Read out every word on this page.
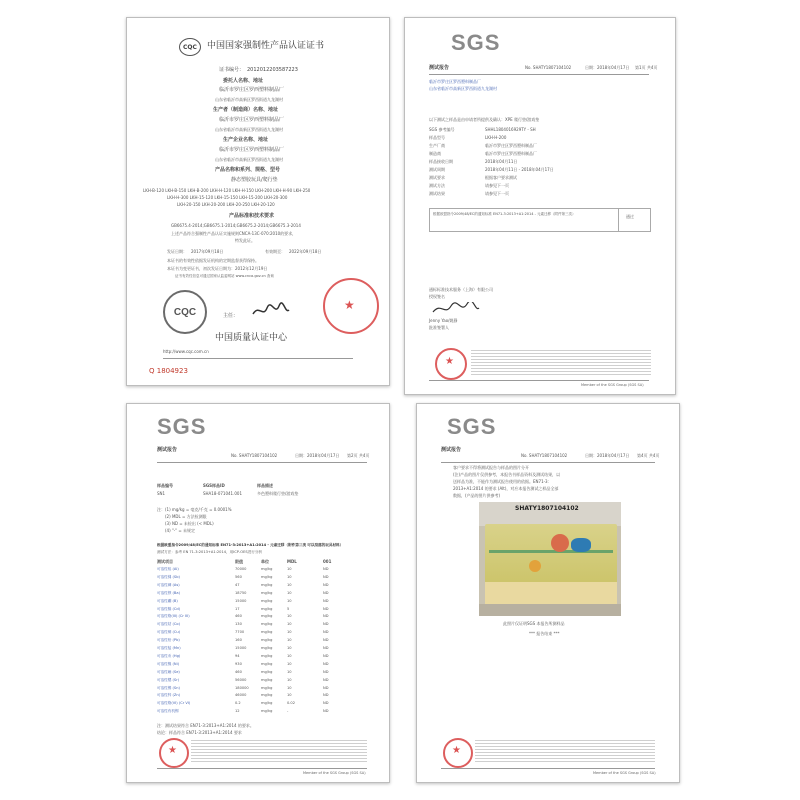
CQC 中国国家强制性产品认证证书
证书编号： 2012012203587223
委托人名称、地址
临沂市罗庄区罗西塑料制品厂
山东省临沂市高新区罗西街道九龙湖村
生产者（制造商）名称、地址
临沂市罗庄区罗西塑料制品厂
山东省临沂市高新区罗西街道九龙湖村
生产企业名称、地址
临沂市罗庄区罗西塑料制品厂
山东省临沂市高新区罗西街道九龙湖村
产品名称和系列、规格、型号
静态塑胶玩具/爬行垫
LKH-B-120 LKH-B-150 LKH-B-200 LKH-H-120 LKH-H-150 LKH-200 LKH-H-90 LKH-250
LKH-H-300 LKH-15-120 LKH-15-150 LKH-15-200 LKH-20-300
LKH-20-150 LKH-20-200 LKH-20-250 LKH-20-120
产品标准和技术要求
GB6675.4-2014;GB6675.1-2014;GB6675.2-2014;GB6675.3-2014
上述产品符合强制性产品认证实施规则CNCA-13C-070:2010的要求，
特发此证。
发证日期： 2017年09月18日	有效期至： 2022年09月18日
本证书的有效性依据发证机构的定期监督获得保持。
本证书为变更证书，初次发证日期为：2012年12月19日
证书有效性信息可通过国家认监委网站 www.cnca.gov.cn 查询
CQC	主任：
★
中国质量认证中心
http://www.cqc.com.cn
Q 1804923
SGS
测试报告	No. SHATY1807104102	日期：2018年04月17日 第1页 共4页
临沂市罗庄区罗西塑料制品厂
山东省临沂市高新区罗西街道九龙湖村
以下测试之样品是由申请者所提供及确认：XPE 爬行垫/游戏垫
根据欧盟指令2009/48/EC的通知标准 EN71-3:2013+A1:2014 - 元素迁移（附件第三类）	通过
通标标准技术服务（上海）有限公司
授权签名
Jenny Yao/姚静
批准签署人
★
Member of the SGS Group (SGS SA)
SGS 参考编号	SHHL1804016929TY - SH
样品型号	LKH-H-200
生产厂商	临沂市罗庄区罗西塑料制品厂
制造商	临沂市罗庄区罗西塑料制品厂
样品接收日期	2018年04月11日
测试周期	2018年04月11日 - 2018年04月17日
测试要求	根据客户要求测试
测试方法	请参见下一页
测试结果	请参见下一页
SGS
测试报告
No. SHATY1807104102	日期：2018年04月17日 第2页 共4页
样品编号	SGS样品ID	样品描述
SN1	SHA18-071041.001	多色塑料爬行垫/游戏垫
注：(1) mg/kg = 毫克/千克 = 0.0001%
(2) MDL = 方法检测限
(3) ND = 未检出 (< MDL)
(4) "-" = 未规定
根据欧盟指令2009/48/EC的通知标准 EN71-3:2013+A1:2014 - 元素迁移（附件第三类 可以刮落的玩具材料）
测试方法：参考 EN 71-3:2013+A1:2014，用ICP-OES进行分析
注：测试结果符合 EN71-3:2013+A1:2014 的要求。
结论：样品符合 EN71-3:2013+A1:2014 要求
★
Member of the SGS Group (SGS SA)
测试项目	限值	单位	MDL	001
可溶性铝 (Al)	70000	mg/kg	10	ND
可溶性锑 (Sb)	560	mg/kg	10	ND
可溶性砷 (As)	47	mg/kg	10	ND
可溶性钡 (Ba)	18750	mg/kg	10	ND
可溶性硼 (B)	15000	mg/kg	10	ND
可溶性镉 (Cd)	17	mg/kg	5	ND
可溶性铬(III) (Cr III)	460	mg/kg	10	ND
可溶性钴 (Co)	130	mg/kg	10	ND
可溶性铜 (Cu)	7700	mg/kg	10	ND
可溶性铅 (Pb)	160	mg/kg	10	ND
可溶性锰 (Mn)	15000	mg/kg	10	ND
可溶性汞 (Hg)	94	mg/kg	10	ND
可溶性镍 (Ni)	930	mg/kg	10	ND
可溶性硒 (Se)	460	mg/kg	10	ND
可溶性锶 (Sr)	56000	mg/kg	10	ND
可溶性锡 (Sn)	180000	mg/kg	10	ND
可溶性锌 (Zn)	46000	mg/kg	10	ND
可溶性铬(VI) (Cr VI)	0.2	mg/kg	0.02	ND
可溶性有机锡	12	mg/kg	-	ND
SGS
测试报告
No. SHATY1807104102	日期：2018年04月17日 第4页 共4页
客户要求不得将测试报告与样品的图片分开
(注)产品的图片仅供参考，本报告书样品资料及测试结果，以
送样品为准，不能作为测试报告使用的依据。EN71-3：
2013+A1:2014 的要求 (Alt)，对应本报告测试之样品全部
数据，(产品的图片供参考)
SHATY1807104102
此照片仅证明SGS 本报告所测样品
*** 报告结束 ***
★
Member of the SGS Group (SGS SA)
